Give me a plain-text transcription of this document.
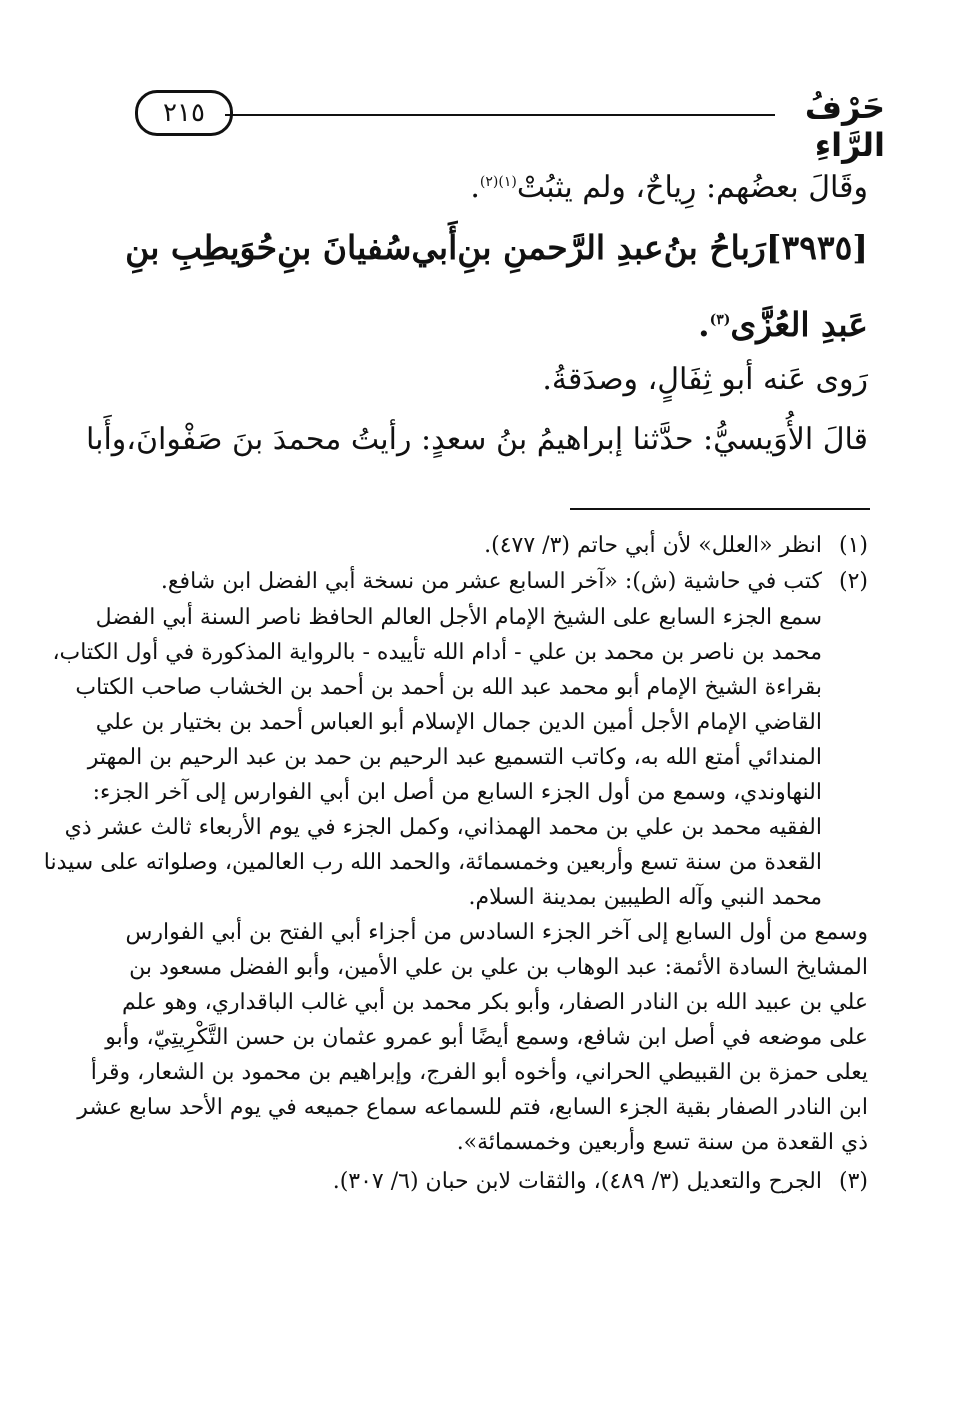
٢١٥	حَرْفُ الرَّاءِ
وقَالَ بعضُهم: رِياحٌ، ولم يثبُتْ$^{(١)(٢)}$.
[٣٩٣٥]
رَباحُ بنُ
عبدِ الرَّحمنِ بنِ
أَبي
سُفيانَ بنِ
حُوَيطِبِ بنِ
عَبدِ العُزَّى$^{(٣)}$.
رَوى عَنه أبو ثِفَالٍ، وصدَقةُ.
قالَ الأُوَيسيُّ: حدَّثنا إبراهيمُ بنُ سعدٍ: رأيتُ محمدَ بنَ صَفْوانَ،
وأَبا
(١)
انظر «العلل» لأن أبي حاتم (٣/ ٤٧٧).
(٢)
كتب في حاشية (ش): «آخر السابع عشر من نسخة أبي الفضل ابن شافع.
سمع الجزء السابع على الشيخ الإمام الأجل العالم الحافظ ناصر السنة أبي الفضل
محمد بن ناصر بن محمد بن علي - أدام الله تأييده - بالرواية المذكورة في أول الكتاب،
بقراءة الشيخ الإمام أبو محمد عبد الله بن أحمد بن أحمد بن الخشاب صاحب الكتاب
القاضي الإمام الأجل أمين الدين جمال الإسلام أبو العباس أحمد بن بختيار بن علي
المندائي أمتع الله به، وكاتب التسميع عبد الرحيم بن حمد بن عبد الرحيم بن المهتر
النهاوندي، وسمع من أول الجزء السابع من أصل ابن أبي الفوارس إلى آخر الجزء:
الفقيه محمد بن علي بن محمد الهمذاني، وكمل الجزء في يوم الأربعاء ثالث عشر ذي
القعدة من سنة تسع وأربعين وخمسمائة، والحمد الله رب العالمين، وصلواته على سيدنا
محمد النبي وآله الطيبين بمدينة السلام.
وسمع من أول السابع إلى آخر الجزء السادس من أجزاء أبي الفتح بن أبي الفوارس
المشايخ السادة الأئمة: عبد الوهاب بن علي بن علي الأمين، وأبو الفضل مسعود بن
علي بن عبيد الله بن النادر الصفار، وأبو بكر محمد بن أبي غالب الباقداري، وهو علم
على موضعه في أصل ابن شافع، وسمع أيضًا أبو عمرو عثمان بن حسن التَّكْرِيتِيّ، وأبو
يعلى حمزة بن القبيطي الحراني، وأخوه أبو الفرج، وإبراهيم بن محمود بن الشعار، وقرأ
ابن النادر الصفار بقية الجزء السابع، فتم للسماعه سماع جميعه في يوم الأحد سابع عشر
ذي القعدة من سنة تسع وأربعين وخمسمائة».
(٣)
الجرح والتعديل (٣/ ٤٨٩)، والثقات لابن حبان (٦/ ٣٠٧).
